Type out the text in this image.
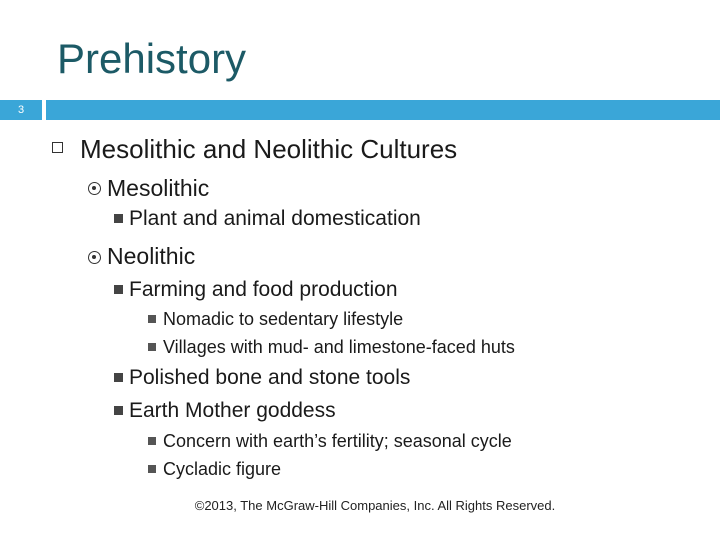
Prehistory
3
Mesolithic and Neolithic Cultures
Mesolithic
Plant and animal domestication
Neolithic
Farming and food production
Nomadic to sedentary lifestyle
Villages with mud- and limestone-faced huts
Polished bone and stone tools
Earth Mother goddess
Concern with earth’s fertility; seasonal cycle
Cycladic figure
©2013, The McGraw-Hill Companies, Inc. All Rights Reserved.
